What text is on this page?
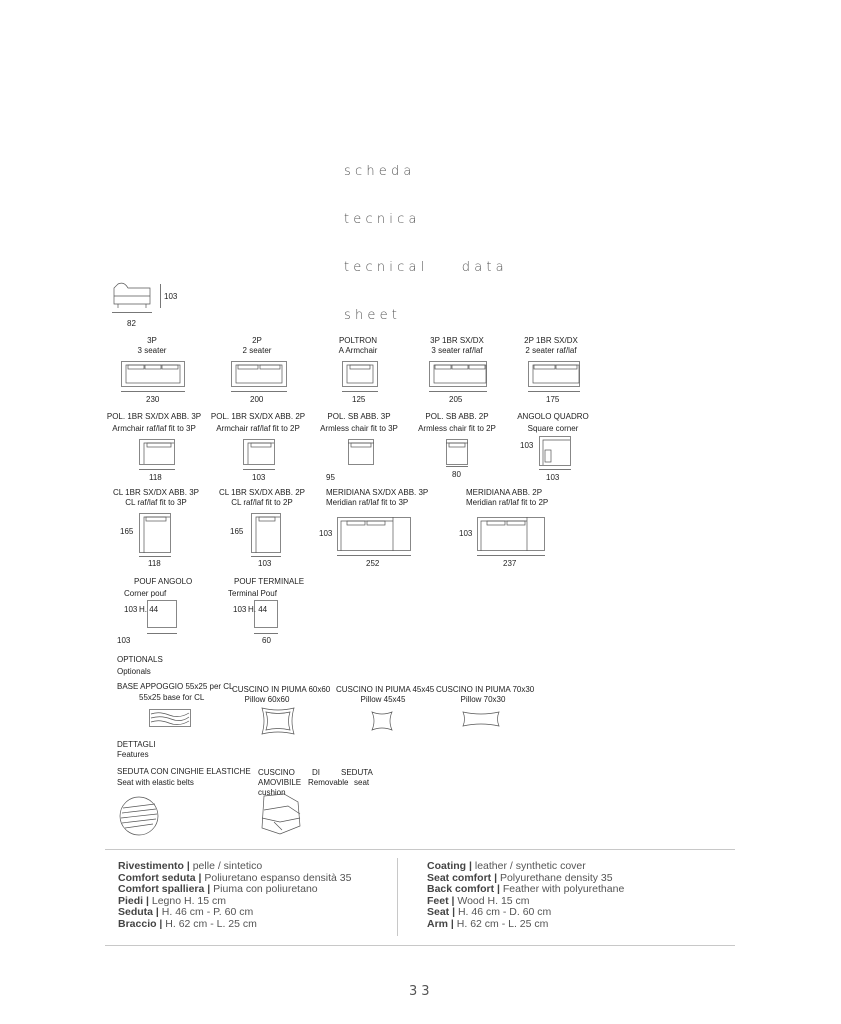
scheda

tecnica

tecnical    data

sheet

103
82
3P
3 seater
230
2P
2 seater
200
POLTRON
A Armchair
125
3P 1BR SX/DX
3 seater raf/laf
205
2P 1BR SX/DX
2 seater raf/laf
175
POL. 1BR SX/DX ABB. 3P
Armchair raf/laf fit to 3P
118
POL. 1BR SX/DX ABB. 2P
Armchair raf/laf fit to 2P
103
POL. SB ABB. 3P
Armless chair fit to 3P
95
POL. SB ABB. 2P
Armless chair fit to 2P
80
ANGOLO QUADRO
Square corner
103
103
CL 1BR SX/DX ABB. 3P
CL raf/laf fit to 3P
165
118
CL 1BR SX/DX ABB. 2P
CL raf/laf fit to 2P
165
103
MERIDIANA SX/DX ABB. 3P
Meridian raf/laf fit to 3P
103
252
MERIDIANA ABB. 2P
Meridian raf/laf fit to 2P
103
237
POUF ANGOLO
Corner pouf
103 H. 44
103
POUF TERMINALE
Terminal Pouf
103 H. 44
60
OPTIONALS
Optionals
BASE APPOGGIO 55x25 per CL
55x25 base for CL
CUSCINO IN PIUMA 60x60
Pillow 60x60
CUSCINO IN PIUMA 45x45
Pillow 45x45
CUSCINO IN PIUMA 70x30
Pillow 70x30
DETTAGLI
Features
SEDUTA CON CINGHIE ELASTICHE
Seat with elastic belts
CUSCINO DI	SEDUTA
AMOVIBILE Removable seat
cushion
Rivestimento | pelle / sintetico
Comfort seduta | Poliuretano espanso densità 35 Comfort spalliera | Piuma con poliuretano
Piedi | Legno H. 15 cm
Seduta | H. 46 cm - P. 60 cm
Braccio | H. 62 cm - L. 25 cm
Coating | leather / synthetic cover
Seat comfort | Polyurethane density 35
Back comfort | Feather with polyurethane
Feet | Wood H. 15 cm
Seat | H. 46 cm - D. 60 cm
Arm | H. 62 cm - L. 25 cm
33
